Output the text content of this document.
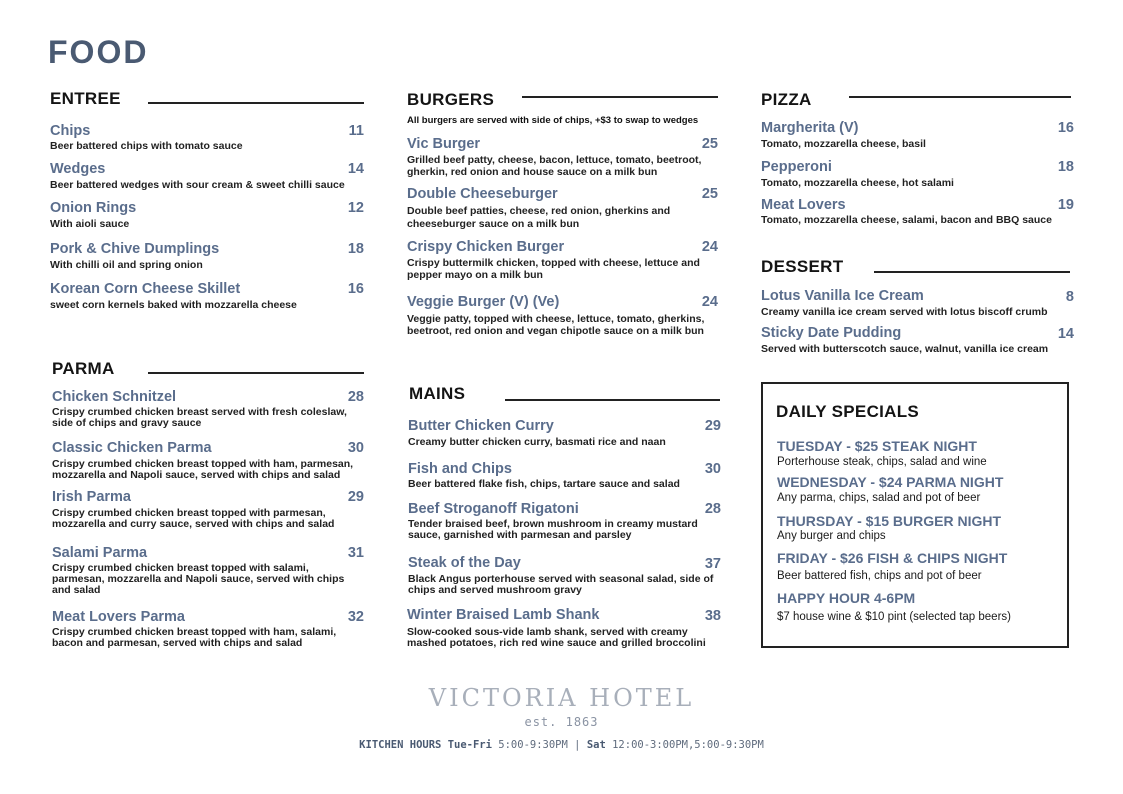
FOOD
ENTREE
Chips	11
Beer battered chips with tomato sauce
Wedges	14
Beer battered wedges with sour cream & sweet chilli sauce
Onion Rings	12
With aioli sauce
Pork & Chive Dumplings	18
With chilli oil and spring onion
Korean Corn Cheese Skillet	16
sweet corn kernels baked with mozzarella cheese
PARMA
Chicken Schnitzel	28
Crispy crumbed chicken breast served with fresh coleslaw,
side of chips and gravy sauce
Classic Chicken Parma	30
Crispy crumbed chicken breast topped with ham, parmesan,
mozzarella and Napoli sauce, served with chips and salad
Irish Parma	29
Crispy crumbed chicken breast topped with parmesan,
mozzarella and curry sauce, served with chips and salad
Salami Parma	31
Crispy crumbed chicken breast topped with salami,
parmesan, mozzarella and Napoli sauce, served with chips
and salad
Meat Lovers Parma	32
Crispy crumbed chicken breast topped with ham, salami,
bacon and parmesan, served with chips and salad
BURGERS
All burgers are served with side of chips, +$3 to swap to wedges
Vic Burger	25
Grilled beef patty, cheese, bacon, lettuce, tomato, beetroot,
gherkin, red onion and house sauce on a milk bun
Double Cheeseburger	25
Double beef patties, cheese, red onion, gherkins and
cheeseburger sauce on a milk bun
Crispy Chicken Burger	24
Crispy buttermilk chicken, topped with cheese, lettuce and
pepper mayo on a milk bun
Veggie Burger (V) (Ve)	24
Veggie patty, topped with cheese, lettuce, tomato, gherkins,
beetroot, red onion and vegan chipotle sauce on a milk bun
MAINS
Butter Chicken Curry	29
Creamy butter chicken curry, basmati rice and naan
Fish and Chips	30
Beer battered flake fish, chips, tartare sauce and salad
Beef Stroganoff Rigatoni	28
Tender braised beef, brown mushroom in creamy mustard
sauce, garnished with parmesan and parsley
Steak of the Day	37
Black Angus porterhouse served with seasonal salad, side of
chips and served mushroom gravy
Winter Braised Lamb Shank	38
Slow-cooked sous-vide lamb shank, served with creamy
mashed potatoes, rich red wine sauce and grilled broccolini
PIZZA
Margherita (V)	16
Tomato, mozzarella cheese, basil
Pepperoni	18
Tomato, mozzarella cheese, hot salami
Meat Lovers	19
Tomato, mozzarella cheese, salami, bacon and BBQ sauce
DESSERT
Lotus Vanilla Ice Cream	8
Creamy vanilla ice cream served with lotus biscoff crumb
Sticky Date Pudding	14
Served with butterscotch sauce, walnut, vanilla ice cream
DAILY SPECIALS
TUESDAY - $25 STEAK NIGHT
Porterhouse steak, chips, salad and wine
WEDNESDAY - $24 PARMA NIGHT
Any parma, chips, salad and pot of beer
THURSDAY - $15 BURGER NIGHT
Any burger and chips
FRIDAY - $26 FISH & CHIPS NIGHT
Beer battered fish, chips and pot of beer
HAPPY HOUR 4-6PM
$7 house wine & $10 pint (selected tap beers)
VICTORIA HOTEL
est. 1863
KITCHEN HOURS Tue-Fri 5:00-9:30PM | Sat 12:00-3:00PM,5:00-9:30PM
